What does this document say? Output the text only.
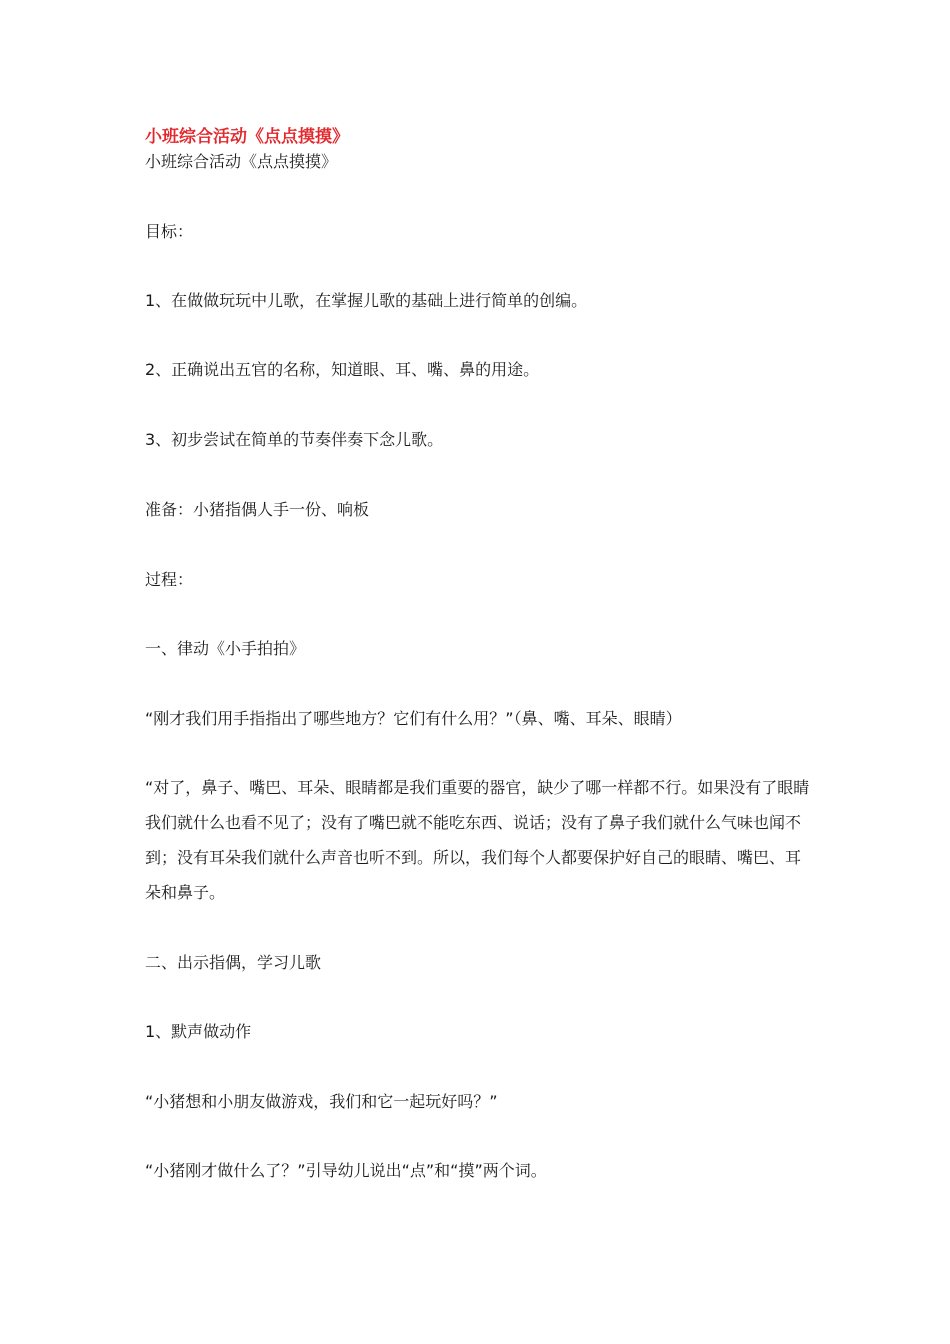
小班综合活动《点点摸摸》
小班综合活动《点点摸摸》

目标：

1、在做做玩玩中儿歌，在掌握儿歌的基础上进行简单的创编。

2、正确说出五官的名称，知道眼、耳、嘴、鼻的用途。

3、初步尝试在简单的节奏伴奏下念儿歌。

准备：小猪指偶人手一份、响板

过程：

一、律动《小手拍拍》

“刚才我们用手指指出了哪些地方？它们有什么用？”（鼻、嘴、耳朵、眼睛）

“对了，鼻子、嘴巴、耳朵、眼睛都是我们重要的器官，缺少了哪一样都不行。如果没有了眼睛我们就什么也看不见了；没有了嘴巴就不能吃东西、说话；没有了鼻子我们就什么气味也闻不到；没有耳朵我们就什么声音也听不到。所以，我们每个人都要保护好自己的眼睛、嘴巴、耳朵和鼻子。

二、出示指偶，学习儿歌

1、默声做动作

“小猪想和小朋友做游戏，我们和它一起玩好吗？”

“小猪刚才做什么了？”引导幼儿说出“点”和“摸”两个词。
